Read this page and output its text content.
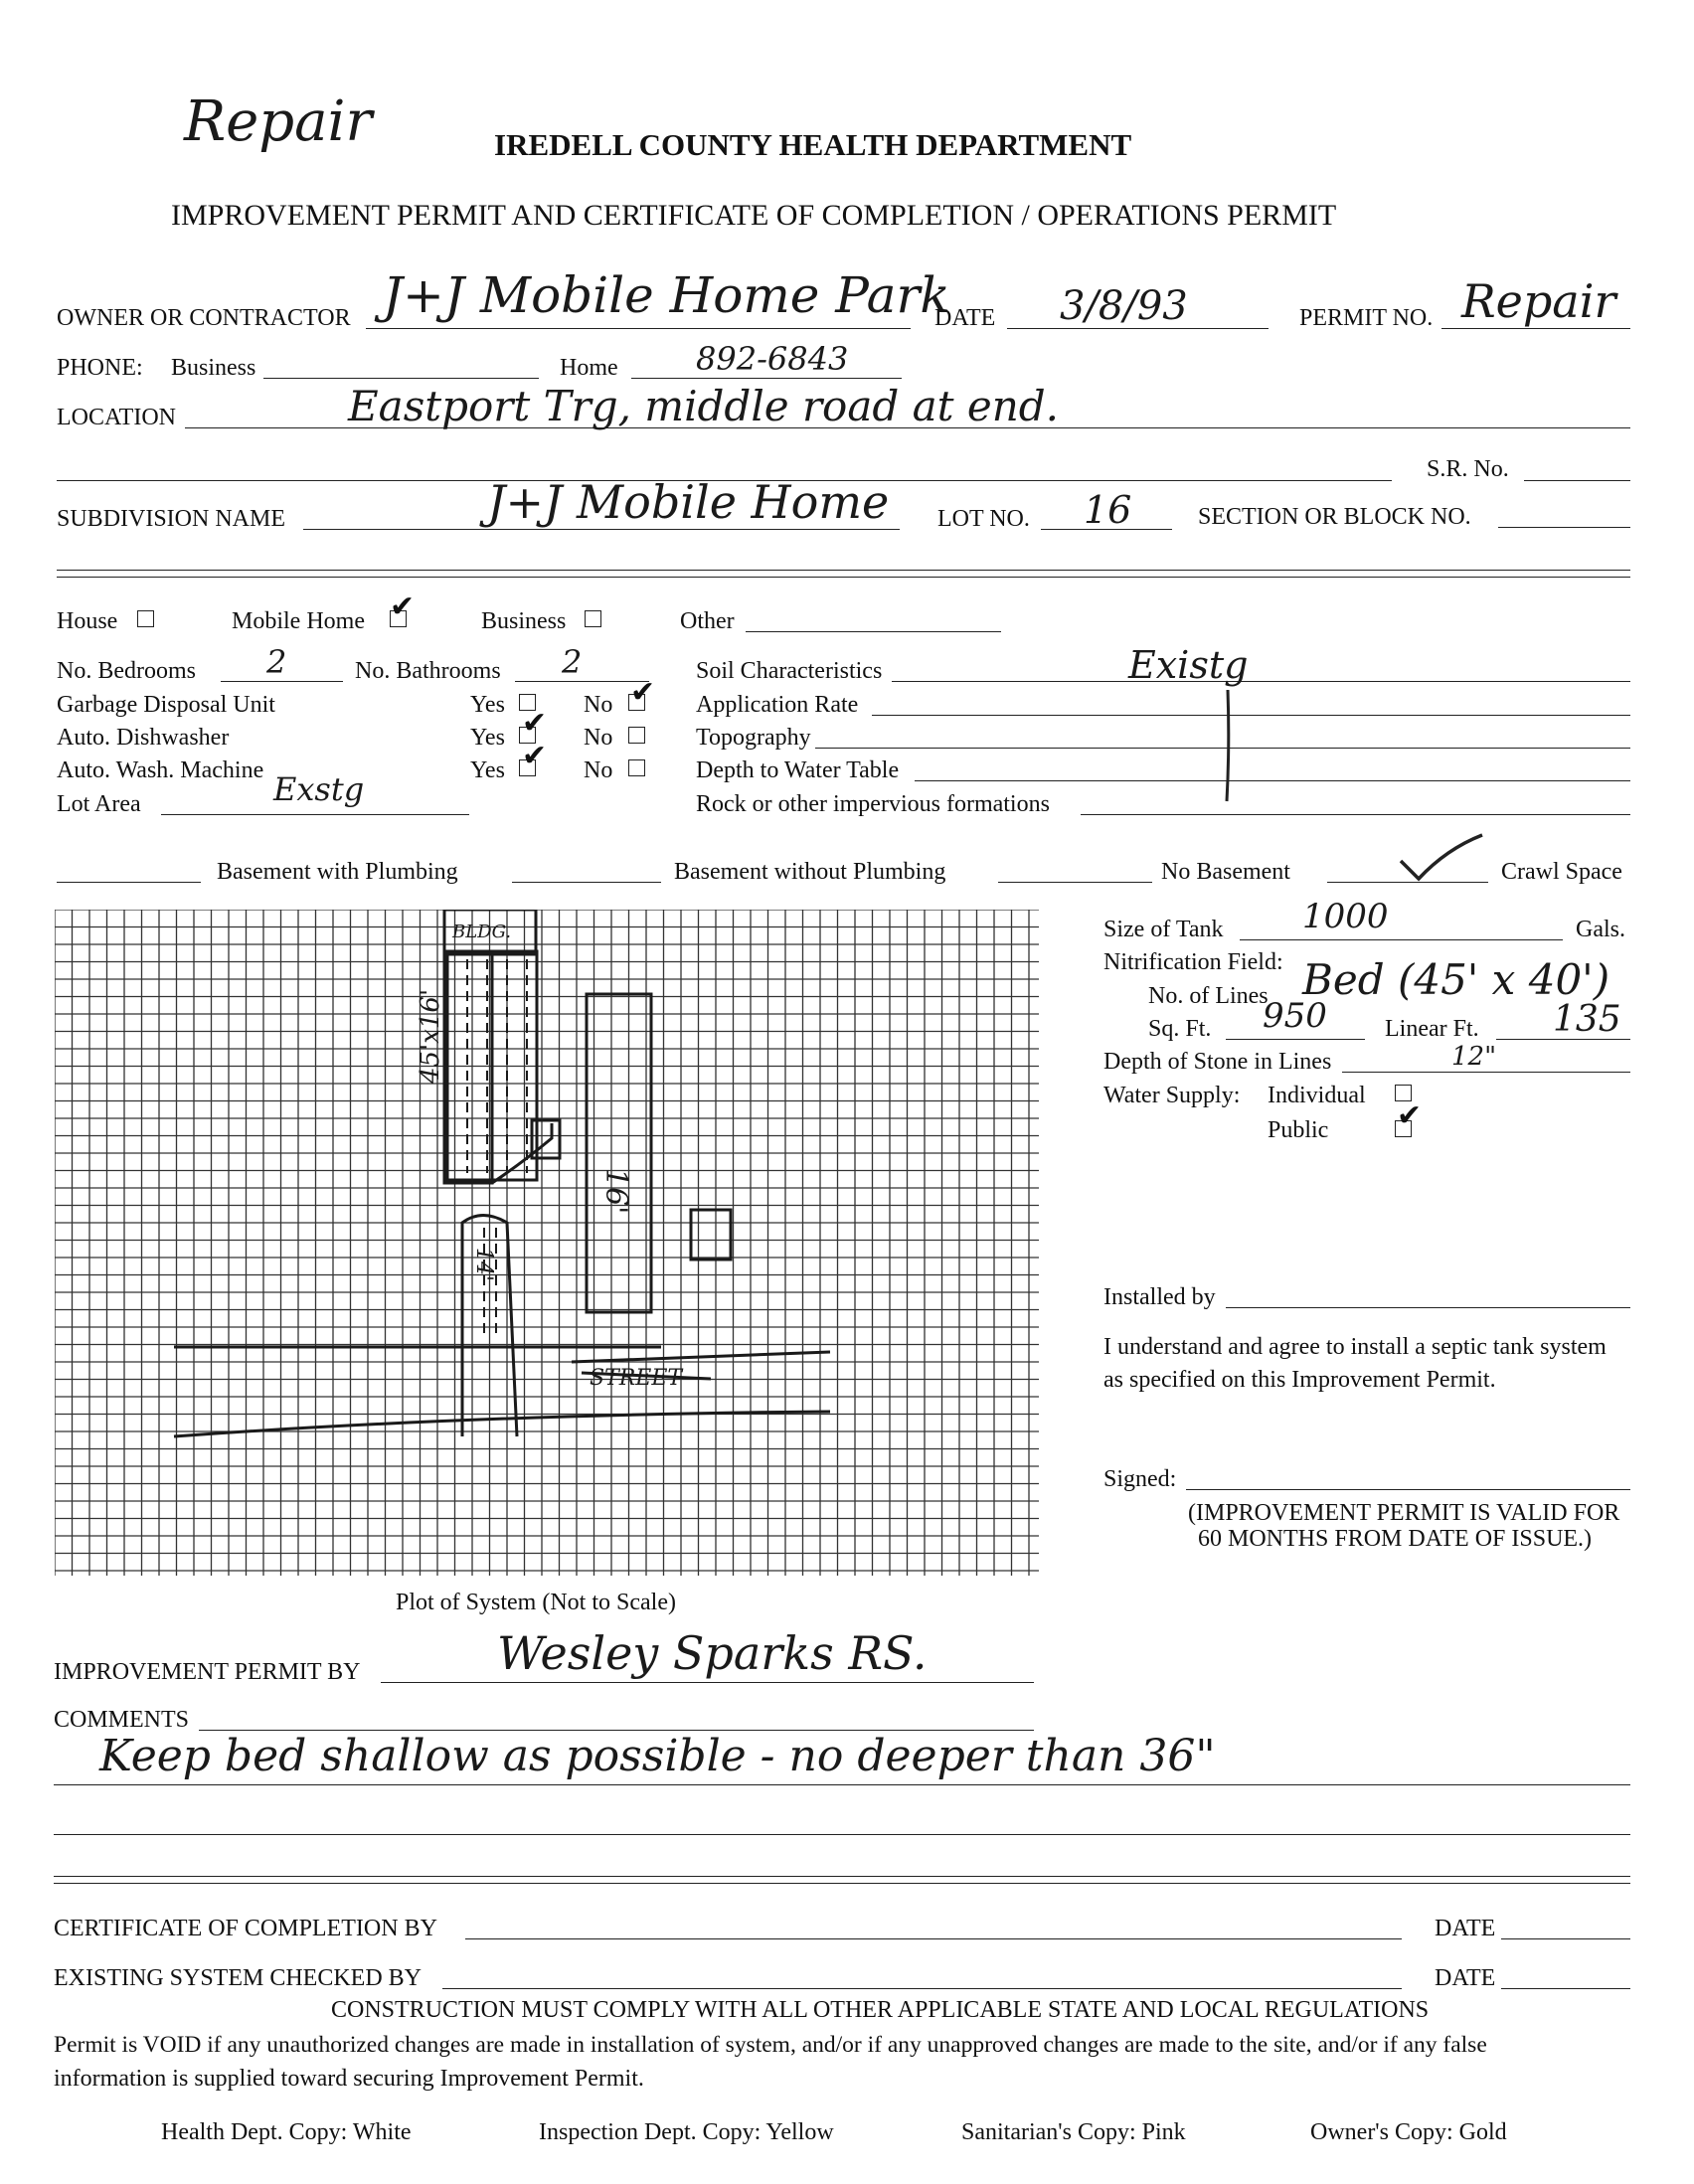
Repair	IREDELL COUNTY HEALTH DEPARTMENT
IMPROVEMENT PERMIT AND CERTIFICATE OF COMPLETION / OPERATIONS PERMIT
OWNER OR CONTRACTOR J+J Mobile Home Park
DATE 3/8/93	PERMIT NO. Repair
PHONE: Business	Home 892-6843
LOCATION	Eastport Trg, middle road at end.
S.R. No.
SUBDIVISION NAME	J+J Mobile Home LOT NO. 16	SECTION OR BLOCK NO.
House	Mobile Home ✔	Business	Other
No. Bedrooms 2	No. Bathrooms 2
Garbage Disposal Unit	Yes	No ✔
Auto. Dishwasher	Yes ✔ No
Auto. Wash. Machine	Yes ✔ No
Lot Area	Exstg
Soil Characteristics	Existg
Application Rate
Topography
Depth to Water Table
Rock or other impervious formations
Basement with Plumbing	Basement without Plumbing	No Basement	Crawl Space
BLDG.
45'x16'
16'
14'
STREET
Plot of System (Not to Scale)
Size of Tank 1000	Gals.
Nitrification Field:
No. of Lines Bed (45' x 40')
Sq. Ft. 950 Linear Ft. 135
Depth of Stone in Lines	12"
Water Supply: Individual
Public ✔
Installed by
I understand and agree to install a septic tank system
as specified on this Improvement Permit.
Signed:
(IMPROVEMENT PERMIT IS VALID FOR
60 MONTHS FROM DATE OF ISSUE.)
IMPROVEMENT PERMIT BY	Wesley Sparks RS.
COMMENTS
Keep bed shallow as possible - no deeper than 36"
CERTIFICATE OF COMPLETION BY	DATE
EXISTING SYSTEM CHECKED BY	DATE
CONSTRUCTION MUST COMPLY WITH ALL OTHER APPLICABLE STATE AND LOCAL REGULATIONS
Permit is VOID if any unauthorized changes are made in installation of system, and/or if any unapproved changes are made to the site, and/or if any false
information is supplied toward securing Improvement Permit.
Health Dept. Copy: White	Inspection Dept. Copy: Yellow	Sanitarian's Copy: Pink	Owner's Copy: Gold
